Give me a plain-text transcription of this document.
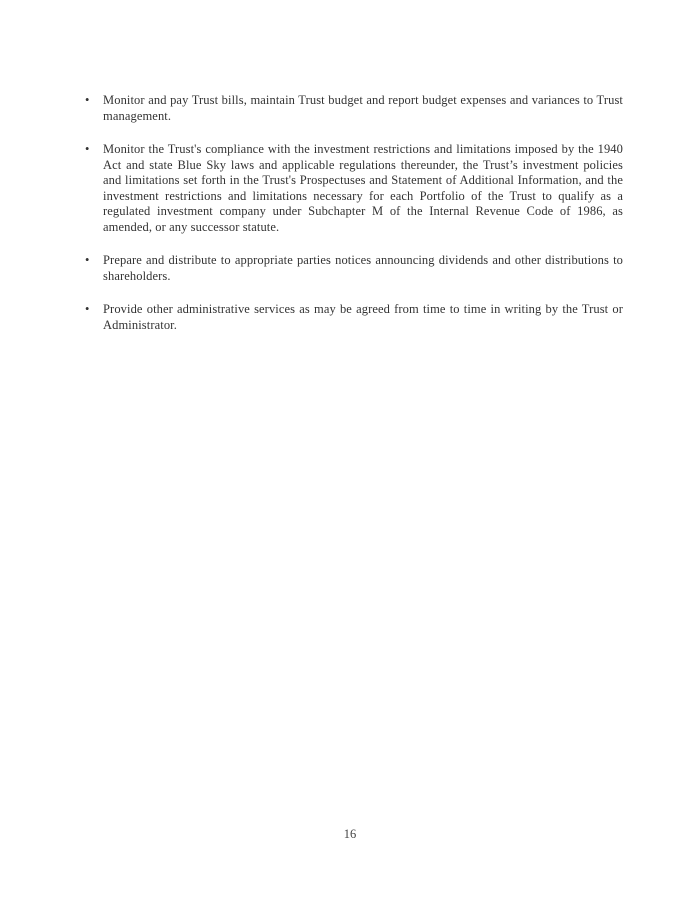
• Monitor and pay Trust bills, maintain Trust budget and report budget expenses and variances to Trust management.
• Monitor the Trust's compliance with the investment restrictions and limitations imposed by the 1940 Act and state Blue Sky laws and applicable regulations thereunder, the Trust’s investment policies and limitations set forth in the Trust's Prospectuses and Statement of Additional Information, and the investment restrictions and limitations necessary for each Portfolio of the Trust to qualify as a regulated investment company under Subchapter M of the Internal Revenue Code of 1986, as amended, or any successor statute.
• Prepare and distribute to appropriate parties notices announcing dividends and other distributions to shareholders.
• Provide other administrative services as may be agreed from time to time in writing by the Trust or Administrator.
16
